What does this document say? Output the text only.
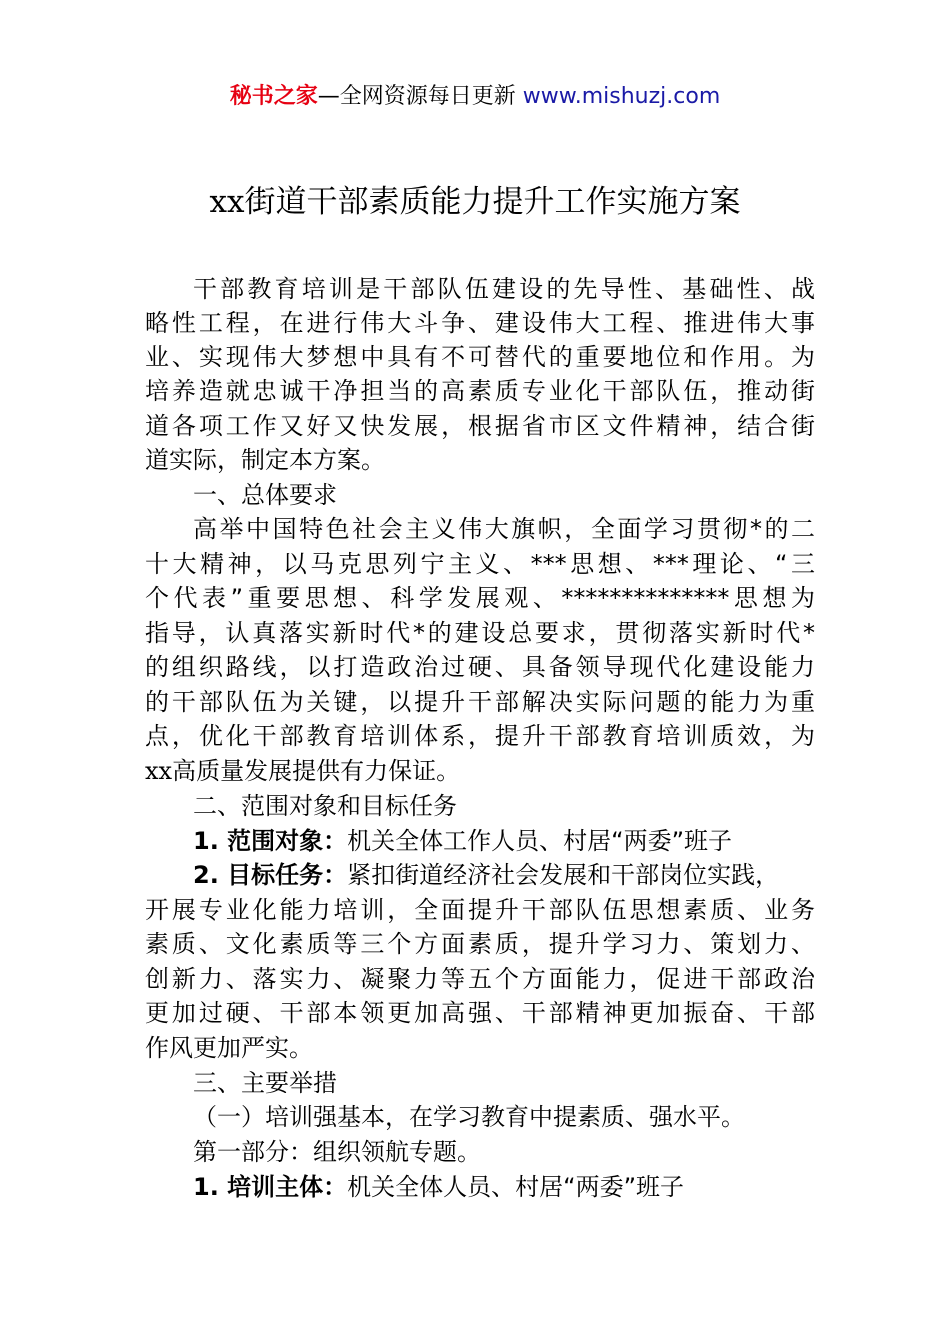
秘书之家—全网资源每日更新 www.mishuzj.com
xx街道干部素质能力提升工作实施方案
干部教育培训是干部队伍建设的先导性、基础性、战
略性工程，在进行伟大斗争、建设伟大工程、推进伟大事
业、实现伟大梦想中具有不可替代的重要地位和作用。为
培养造就忠诚干净担当的高素质专业化干部队伍，推动街
道各项工作又好又快发展，根据省市区文件精神，结合街
道实际，制定本方案。
一、总体要求
高举中国特色社会主义伟大旗帜，全面学习贯彻*的二
十大精神，以马克思列宁主义、***思想、***理论、“三
个代表”重要思想、科学发展观、**************思想为
指导，认真落实新时代*的建设总要求，贯彻落实新时代*
的组织路线，以打造政治过硬、具备领导现代化建设能力
的干部队伍为关键，以提升干部解决实际问题的能力为重
点，优化干部教育培训体系，提升干部教育培训质效，为
xx高质量发展提供有力保证。
二、范围对象和目标任务
1. 范围对象：机关全体工作人员、村居“两委”班子
2. 目标任务：紧扣街道经济社会发展和干部岗位实践，
开展专业化能力培训，全面提升干部队伍思想素质、业务
素质、文化素质等三个方面素质，提升学习力、策划力、
创新力、落实力、凝聚力等五个方面能力，促进干部政治
更加过硬、干部本领更加高强、干部精神更加振奋、干部
作风更加严实。
三、主要举措
（一）培训强基本，在学习教育中提素质、强水平。
第一部分：组织领航专题。
1. 培训主体：机关全体人员、村居“两委”班子
